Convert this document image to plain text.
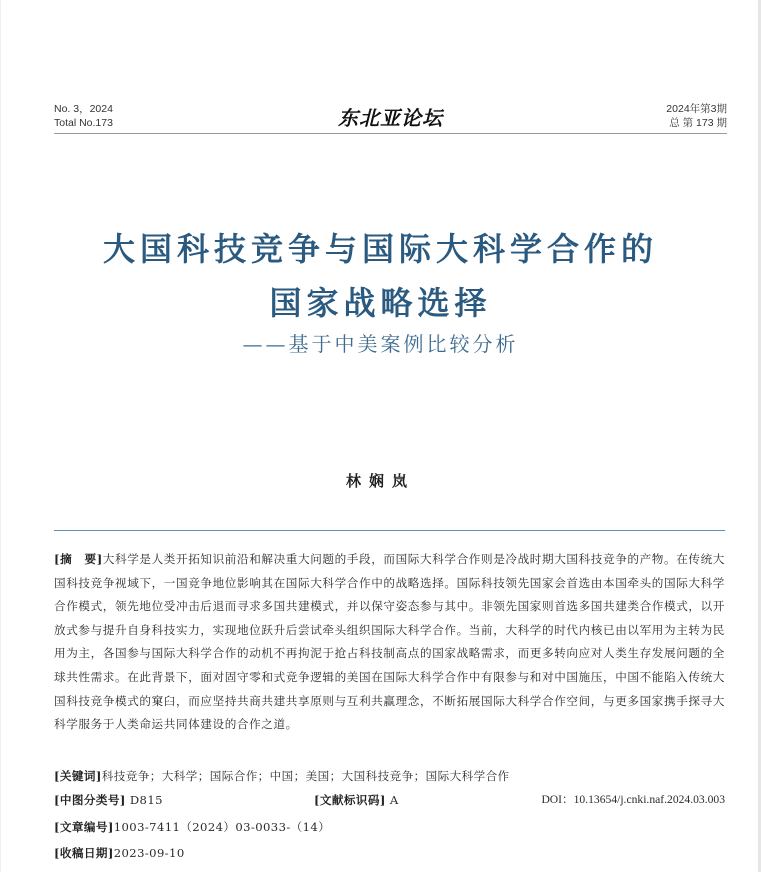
No. 3，2024
Total No.173	东北亚论坛	2024年第3期
总 第 173 期
大国科技竞争与国际大科学合作的
国家战略选择
——基于中美案例比较分析
林娴岚
[摘　要]大科学是人类开拓知识前沿和解决重大问题的手段，而国际大科学合作则是冷战时期大国科技竞争的产物。在传统大国科技竞争视域下，一国竞争地位影响其在国际大科学合作中的战略选择。国际科技领先国家会首选由本国牵头的国际大科学合作模式，领先地位受冲击后退而寻求多国共建模式，并以保守姿态参与其中。非领先国家则首选多国共建类合作模式，以开放式参与提升自身科技实力，实现地位跃升后尝试牵头组织国际大科学合作。当前，大科学的时代内核已由以军用为主转为民用为主，各国参与国际大科学合作的动机不再拘泥于抢占科技制高点的国家战略需求，而更多转向应对人类生存发展问题的全球共性需求。在此背景下，面对固守零和式竞争逻辑的美国在国际大科学合作中有限参与和对中国施压，中国不能陷入传统大国科技竞争模式的窠臼，而应坚持共商共建共享原则与互利共赢理念，不断拓展国际大科学合作空间，与更多国家携手探寻大科学服务于人类命运共同体建设的合作之道。
[关键词]科技竞争；大科学；国际合作；中国；美国；大国科技竞争；国际大科学合作
[中图分类号] D815	[文献标识码] A	DOI：10.13654/j.cnki.naf.2024.03.003
[文章编号]1003-7411（2024）03-0033-（14）
[收稿日期]2023-09-10
